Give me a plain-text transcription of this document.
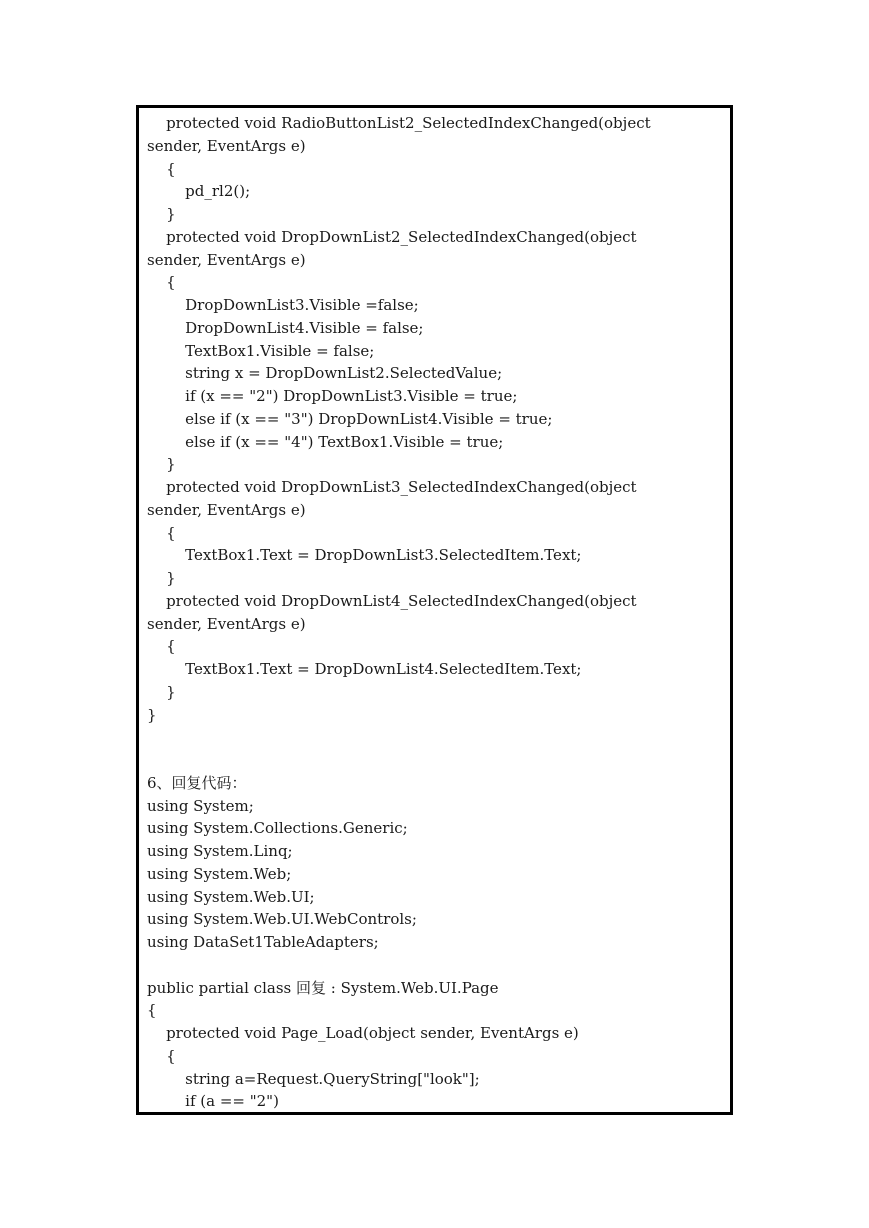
protected void RadioButtonList2_SelectedIndexChanged(object
sender, EventArgs e)
{
pd_rl2();
}
protected void DropDownList2_SelectedIndexChanged(object
sender, EventArgs e)
{
DropDownList3.Visible =false;
DropDownList4.Visible = false;
TextBox1.Visible = false;
string x = DropDownList2.SelectedValue;
if (x == "2") DropDownList3.Visible = true;
else if (x == "3") DropDownList4.Visible = true;
else if (x == "4") TextBox1.Visible = true;
}
protected void DropDownList3_SelectedIndexChanged(object
sender, EventArgs e)
{
TextBox1.Text = DropDownList3.SelectedItem.Text;
}
protected void DropDownList4_SelectedIndexChanged(object
sender, EventArgs e)
{
TextBox1.Text = DropDownList4.SelectedItem.Text;
}
}
6、回复代码：
using System;
using System.Collections.Generic;
using System.Linq;
using System.Web;
using System.Web.UI;
using System.Web.UI.WebControls;
using DataSet1TableAdapters;
public partial class 回复 : System.Web.UI.Page
{
protected void Page_Load(object sender, EventArgs e)
{
string a=Request.QueryString["look"];
if (a == "2")
